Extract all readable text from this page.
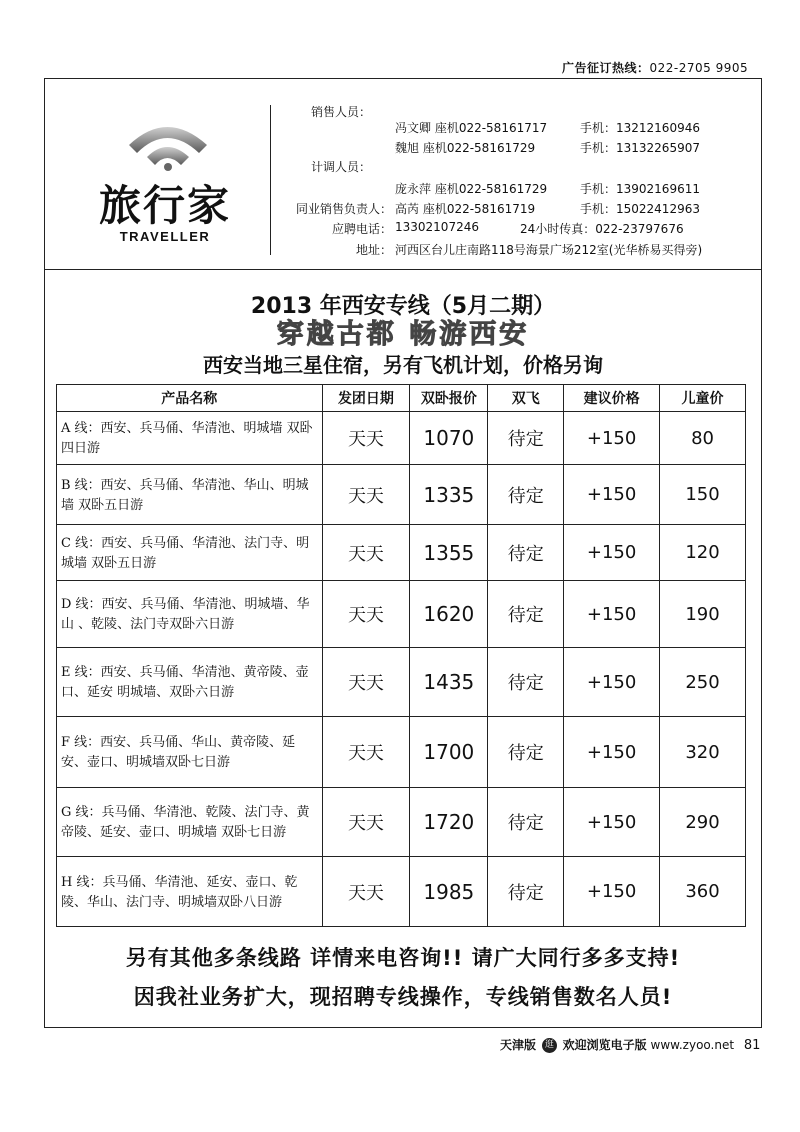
广告征订热线：022-2705 9905
旅行家
TRAVELLER
销售人员：
冯文卿 座机022-58161717	手机：13212160946
魏旭 座机022-58161729	手机：13132265907
计调人员：
庞永萍 座机022-58161729	手机：13902169611
同业销售负责人： 高芮 座机022-58161719	手机：15022412963
应聘电话： 13302107246	24小时传真：022-23797676
地址： 河西区台儿庄南路118号海景广场212室(光华桥易买得旁)
2013 年西安专线（5月二期）
穿越古都 畅游西安
西安当地三星住宿，另有飞机计划，价格另询
产品名称	发团日期	双卧报价	双飞	建议价格	儿童价
A 线：西安、兵马俑、华清池、明城墙 双卧四日游	天天	1070	待定	+150	80
B 线：西安、兵马俑、华清池、华山、明城墙 双卧五日游	天天	1335	待定	+150	150
C 线：西安、兵马俑、华清池、法门寺、明城墙 双卧五日游	天天	1355	待定	+150	120
D 线：西安、兵马俑、华清池、明城墙、华山 、乾陵、法门寺双卧六日游	天天	1620	待定	+150	190
E 线：西安、兵马俑、华清池、黄帝陵、壶口、延安 明城墙、双卧六日游	天天	1435	待定	+150	250
F 线：西安、兵马俑、华山、黄帝陵、延安、壶口、明城墙双卧七日游	天天	1700	待定	+150	320
G 线：兵马俑、华清池、乾陵、法门寺、黄帝陵、延安、壶口、明城墙 双卧七日游	天天	1720	待定	+150	290
H 线：兵马俑、华清池、延安、壶口、乾陵、华山、法门寺、明城墙双卧八日游	天天	1985	待定	+150	360
另有其他多条线路 详情来电咨询!! 请广大同行多多支持!
因我社业务扩大，现招聘专线操作，专线销售数名人员!
天津版 逛 欢迎浏览电子版 www.zyoo.net 81
